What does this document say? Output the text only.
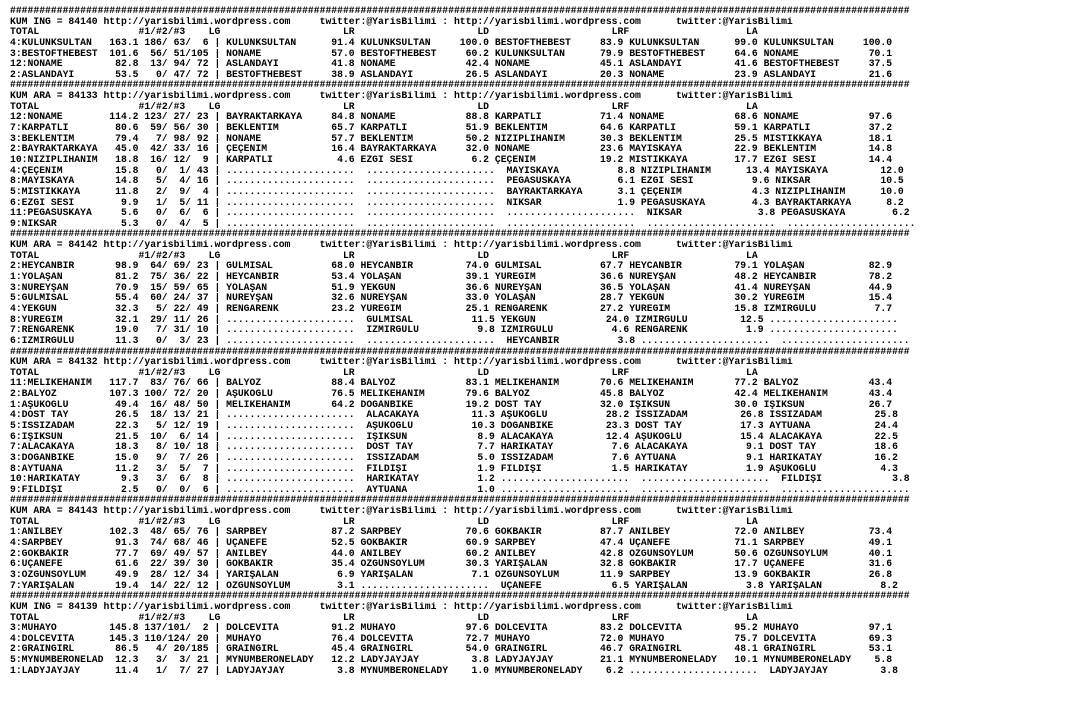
##########################################################################################################################################################
KUM ING = 84140 http://yarisbilimi.wordpress.com     twitter:@YarisBilimi : http://yarisbilimi.wordpress.com      twitter:@YarisBilimi
TOTAL                 #1/#2/#3    LG                     LR                     LD                     LRF                    LA
4:KÜLÜNKSULTAN   163.1 186/ 63/  6 | KÜLÜNKSULTAN      91.4 KÜLÜNKSULTAN     100.0 BESTOFTHEBEST     83.9 KÜLÜNKSULTAN      99.0 KÜLÜNKSULTAN     100.0
3:BESTOFTHEBEST  101.6  56/ 51/105 | NONAME            57.0 BESTOFTHEBEST     60.2 KÜLÜNKSULTAN      79.9 BESTOFTHEBEST     64.6 NONAME            70.1
12:NONAME         82.8  13/ 94/ 72 | ASLANDAYI         41.8 NONAME            42.4 NONAME            45.1 ASLANDAYI         41.6 BESTOFTHEBEST     37.5
2:ASLANDAYI       53.5   0/ 47/ 72 | BESTOFTHEBEST     38.9 ASLANDAYI         26.5 ASLANDAYI         20.3 NONAME            23.9 ASLANDAYI         21.6
##########################################################################################################################################################
KUM ARA = 84133 http://yarisbilimi.wordpress.com     twitter:@YarisBilimi : http://yarisbilimi.wordpress.com      twitter:@YarisBilimi
TOTAL                 #1/#2/#3    LG                     LR                     LD                     LRF                    LA
12:NONAME        114.2 123/ 27/ 23 | BAYRAKTARKAYA     84.8 NONAME            88.8 KARPATLI          71.4 NONAME            68.6 NONAME            97.6
7:KARPATLI        80.6  59/ 56/ 30 | BEKLENTİM         65.7 KARPATLI          51.9 BEKLENTİM         64.6 KARPATLI          59.1 KARPATLI          37.2
3:BEKLENTİM       79.4   7/ 98/ 92 | NONAME            57.7 BEKLENTİM         50.2 NIZIPLIHANIM      30.3 BEKLENTİM         25.5 MISTIKKAYA        18.1
2:BAYRAKTARKAYA   45.0  42/ 33/ 16 | ÇEÇENİM           16.4 BAYRAKTARKAYA     32.0 NONAME            23.6 MAYISKAYA         22.9 BEKLENTİM         14.8
10:NIZIPLIHANIM   18.8  16/ 12/  9 | KARPATLI           4.6 EZGI SESI          6.2 ÇEÇENİM           19.2 MISTIKKAYA        17.7 EZGI SESI         14.4
4:ÇEÇENİM         15.8   0/  1/ 43 | ......................  ......................  MAYISKAYA          8.8 NIZIPLIHANIM      13.4 MAYISKAYA         12.0
8:MAYISKAYA       14.8   5/  4/ 16 | ......................  ......................  PEGASUSKAYA        6.1 EZGI SESI          9.6 NIKSAR            10.5
5:MISTIKKAYA      11.8   2/  9/  4 | ......................  ......................  BAYRAKTARKAYA      3.1 ÇEÇENİM            4.3 NIZIPLIHANIM      10.0
6:EZGI SESI        9.9   1/  5/ 11 | ......................  ......................  NIKSAR             1.9 PEGASUSKAYA        4.3 BAYRAKTARKAYA      8.2
11:PEGASUSKAYA     5.6   0/  6/  6 | ......................  ......................  ......................  NIKSAR             3.8 PEGASUSKAYA        6.2
9:NIKSAR           5.3   0/  4/  5 | ......................  ......................  ......................  ......................  ......................
##########################################################################################################################################################
KUM ARA = 84142 http://yarisbilimi.wordpress.com     twitter:@YarisBilimi : http://yarisbilimi.wordpress.com      twitter:@YarisBilimi
TOTAL                 #1/#2/#3    LG                     LR                     LD                     LRF                    LA
2:HEYCANBİR       98.9  64/ 69/ 23 | GÜLMİSAL          68.0 HEYCANBİR         74.0 GÜLMİSAL          67.7 HEYCANBİR         79.1 YOLAŞAN           82.9
1:YOLAŞAN         81.2  75/ 36/ 22 | HEYCANBİR         53.4 YOLAŞAN           39.1 YÜREĞİM           36.6 NUREYŞAN          48.2 HEYCANBİR         78.2
3:NUREYŞAN        70.9  15/ 59/ 65 | YOLAŞAN           51.9 YEKGÜN            36.6 NUREYŞAN          36.5 YOLAŞAN           41.4 NUREYŞAN          44.9
5:GÜLMİSAL        55.4  60/ 24/ 37 | NUREYŞAN          32.6 NUREYŞAN          33.0 YOLAŞAN           28.7 YEKGÜN            30.2 YÜREĞİM           15.4
4:YEKGÜN          32.3   5/ 22/ 49 | RENGARENK         23.2 YÜREĞİM           25.1 RENGARENK         27.2 YÜREĞİM           15.8 İZMİRGÜLÜ          7.7
8:YÜREĞİM         32.1  29/ 11/ 26 | ......................  GÜLMİSAL          11.5 YEKGÜN            24.0 İZMİRGÜLÜ         12.5 ......................
7:RENGARENK       19.0   7/ 31/ 10 | ......................  İZMİRGÜLÜ          9.8 İZMİRGÜLÜ          4.6 RENGARENK          1.9 ......................
6:İZMİRGÜLÜ       11.3   0/  3/ 23 | ......................  ......................  HEYCANBİR          3.8 ......................  ......................
##########################################################################################################################################################
KUM ARA = 84132 http://yarisbilimi.wordpress.com     twitter:@YarisBilimi : http://yarisbilimi.wordpress.com      twitter:@YarisBilimi
TOTAL                 #1/#2/#3    LG                     LR                     LD                     LRF                    LA
11:MELİKEHANIM   117.7  83/ 76/ 66 | BALYOZ            88.4 BALYOZ            83.1 MELİKEHANIM       70.6 MELİKEHANIM       77.2 BALYOZ            43.4
2:BALYOZ         107.3 100/ 72/ 20 | AŞUKOĞLU          76.5 MELİKEHANIM       79.6 BALYOZ            45.8 BALYOZ            42.4 MELİKEHANIM       43.4
1:AŞUKOĞLU        49.4  16/ 48/ 50 | MELİKEHANIM       64.2 DOĞANBİKE         19.2 DOST TAY          32.0 IŞIKSUN           30.0 IŞIKSUN           26.7
4:DOST TAY        26.5  18/ 13/ 21 | ......................  ALACAKAYA         11.3 AŞUKOĞLU          28.2 ISSIZADAM         26.8 ISSIZADAM         25.8
5:ISSIZADAM       22.3   5/ 12/ 19 | ......................  AŞUKOĞLU          10.3 DOĞANBİKE         23.3 DOST TAY          17.3 AYTUANA           24.4
6:IŞIKSUN         21.5  10/  6/ 14 | ......................  IŞIKSUN            8.9 ALACAKAYA         12.4 AŞUKOĞLU          15.4 ALACAKAYA         22.5
7:ALACAKAYA       18.3   8/ 10/ 18 | ......................  DOST TAY           7.7 HARİKATAY          7.6 ALACAKAYA          9.1 DOST TAY          18.6
3:DOĞANBİKE       15.0   9/  7/ 26 | ......................  ISSIZADAM          5.0 ISSIZADAM          7.6 AYTUANA            9.1 HARİKATAY         16.2
8:AYTUANA         11.2   3/  5/  7 | ......................  FİLDİŞİ            1.9 FİLDİŞİ            1.5 HARİKATAY          1.9 AŞUKOĞLU           4.3
10:HARİKATAY       9.3   3/  6/  8 | ......................  HARİKATAY          1.2 ......................  ......................  FİLDİŞİ            3.8
9:FİLDİŞİ          2.5   0/  0/  6 | ......................  AYTUANA            1.0 ......................  ......................  ......................
##########################################################################################################################################################
KUM ARA = 84143 http://yarisbilimi.wordpress.com     twitter:@YarisBilimi : http://yarisbilimi.wordpress.com      twitter:@YarisBilimi
TOTAL                 #1/#2/#3    LG                     LR                     LD                     LRF                    LA
1:ANILBEY        102.3  48/ 65/ 76 | SARPBEY           87.2 SARPBEY           70.6 GÖKBAKIR          87.7 ANILBEY           72.0 ANILBEY           73.4
4:SARPBEY         91.3  74/ 68/ 46 | UÇANEFE           52.5 GÖKBAKIR          60.9 SARPBEY           47.4 UÇANEFE           71.1 SARPBEY           49.1
2:GÖKBAKIR        77.7  69/ 49/ 57 | ANILBEY           44.0 ANILBEY           60.2 ANILBEY           42.8 ÖZGÜNSOYLUM       50.6 ÖZGÜNSOYLUM       40.1
6:UÇANEFE         61.6  22/ 39/ 30 | GÖKBAKIR          35.4 ÖZGÜNSOYLUM       30.3 YARIŞALAN         32.8 GÖKBAKIR          17.7 UÇANEFE           31.6
3:ÖZGÜNSOYLUM     49.9  28/ 12/ 34 | YARIŞALAN          6.9 YARIŞALAN          7.1 ÖZGÜNSOYLUM       11.9 SARPBEY           13.9 GÖKBAKIR          26.8
7:YARIŞALAN       19.4  14/ 22/ 12 | ÖZGÜNSOYLUM        3.1 ......................  UÇANEFE            6.5 YARIŞALAN          3.8 YARIŞALAN          8.2
##########################################################################################################################################################
KUM ING = 84139 http://yarisbilimi.wordpress.com     twitter:@YarisBilimi : http://yarisbilimi.wordpress.com      twitter:@YarisBilimi
TOTAL                 #1/#2/#3    LG                     LR                     LD                     LRF                    LA
3:MUHAYO         145.8 137/101/  2 | DOLCEVITA         91.2 MUHAYO            97.6 DOLCEVITA         83.2 DOLCEVITA         95.2 MUHAYO            97.1
4:DOLCEVITA      145.3 110/124/ 20 | MUHAYO            76.4 DOLCEVITA         72.7 MUHAYO            72.0 MUHAYO            75.7 DOLCEVITA         69.3
2:GRAINGIRL       86.5   4/ 20/185 | GRAINGIRL         45.4 GRAINGIRL         54.0 GRAINGIRL         46.7 GRAINGIRL         48.1 GRAINGIRL         53.1
5:MYNUMBERONELAD  12.3   3/  3/ 21 | MYNUMBERONELADY   12.2 LADYJAYJAY         3.8 LADYJAYJAY        21.1 MYNUMBERONELADY   10.1 MYNUMBERONELADY    5.8
1:LADYJAYJAY      11.4   1/  7/ 27 | LADYJAYJAY         3.8 MYNUMBERONELADY    1.0 MYNUMBERONELADY    6.2 ......................  LADYJAYJAY         3.8
